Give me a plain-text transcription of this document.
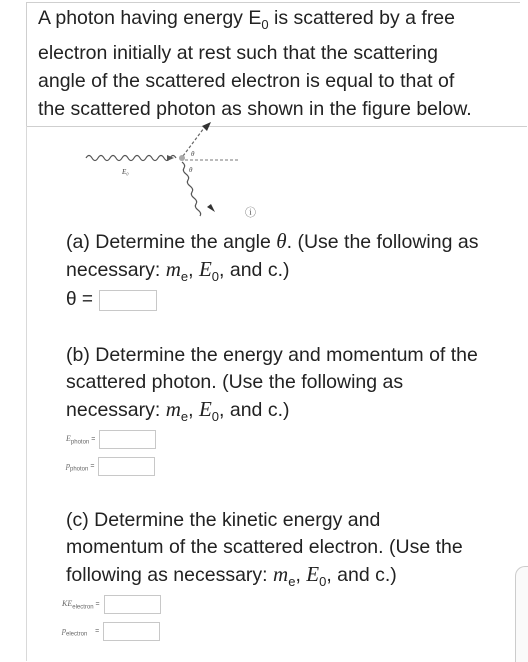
A photon having energy $E_0$ is scattered by a free
electron initially at rest such that the scattering
angle of the scattered electron is equal to that of
the scattered photon as shown in the figure below.
E₀
θ
θ
ⓘ
(a) Determine the angle θ. (Use the following as
necessary: $m_e$, $E_0$, and c.)
θ =
(b) Determine the energy and momentum of the
scattered photon. (Use the following as
necessary: $m_e$, $E_0$, and c.)
$E_{photon}$ =
$p_{photon}$ =
(c) Determine the kinetic energy and
momentum of the scattered electron. (Use the
following as necessary: $m_e$, $E_0$, and c.)
$KE_{electron}$ =
$p_{electron}$ =
